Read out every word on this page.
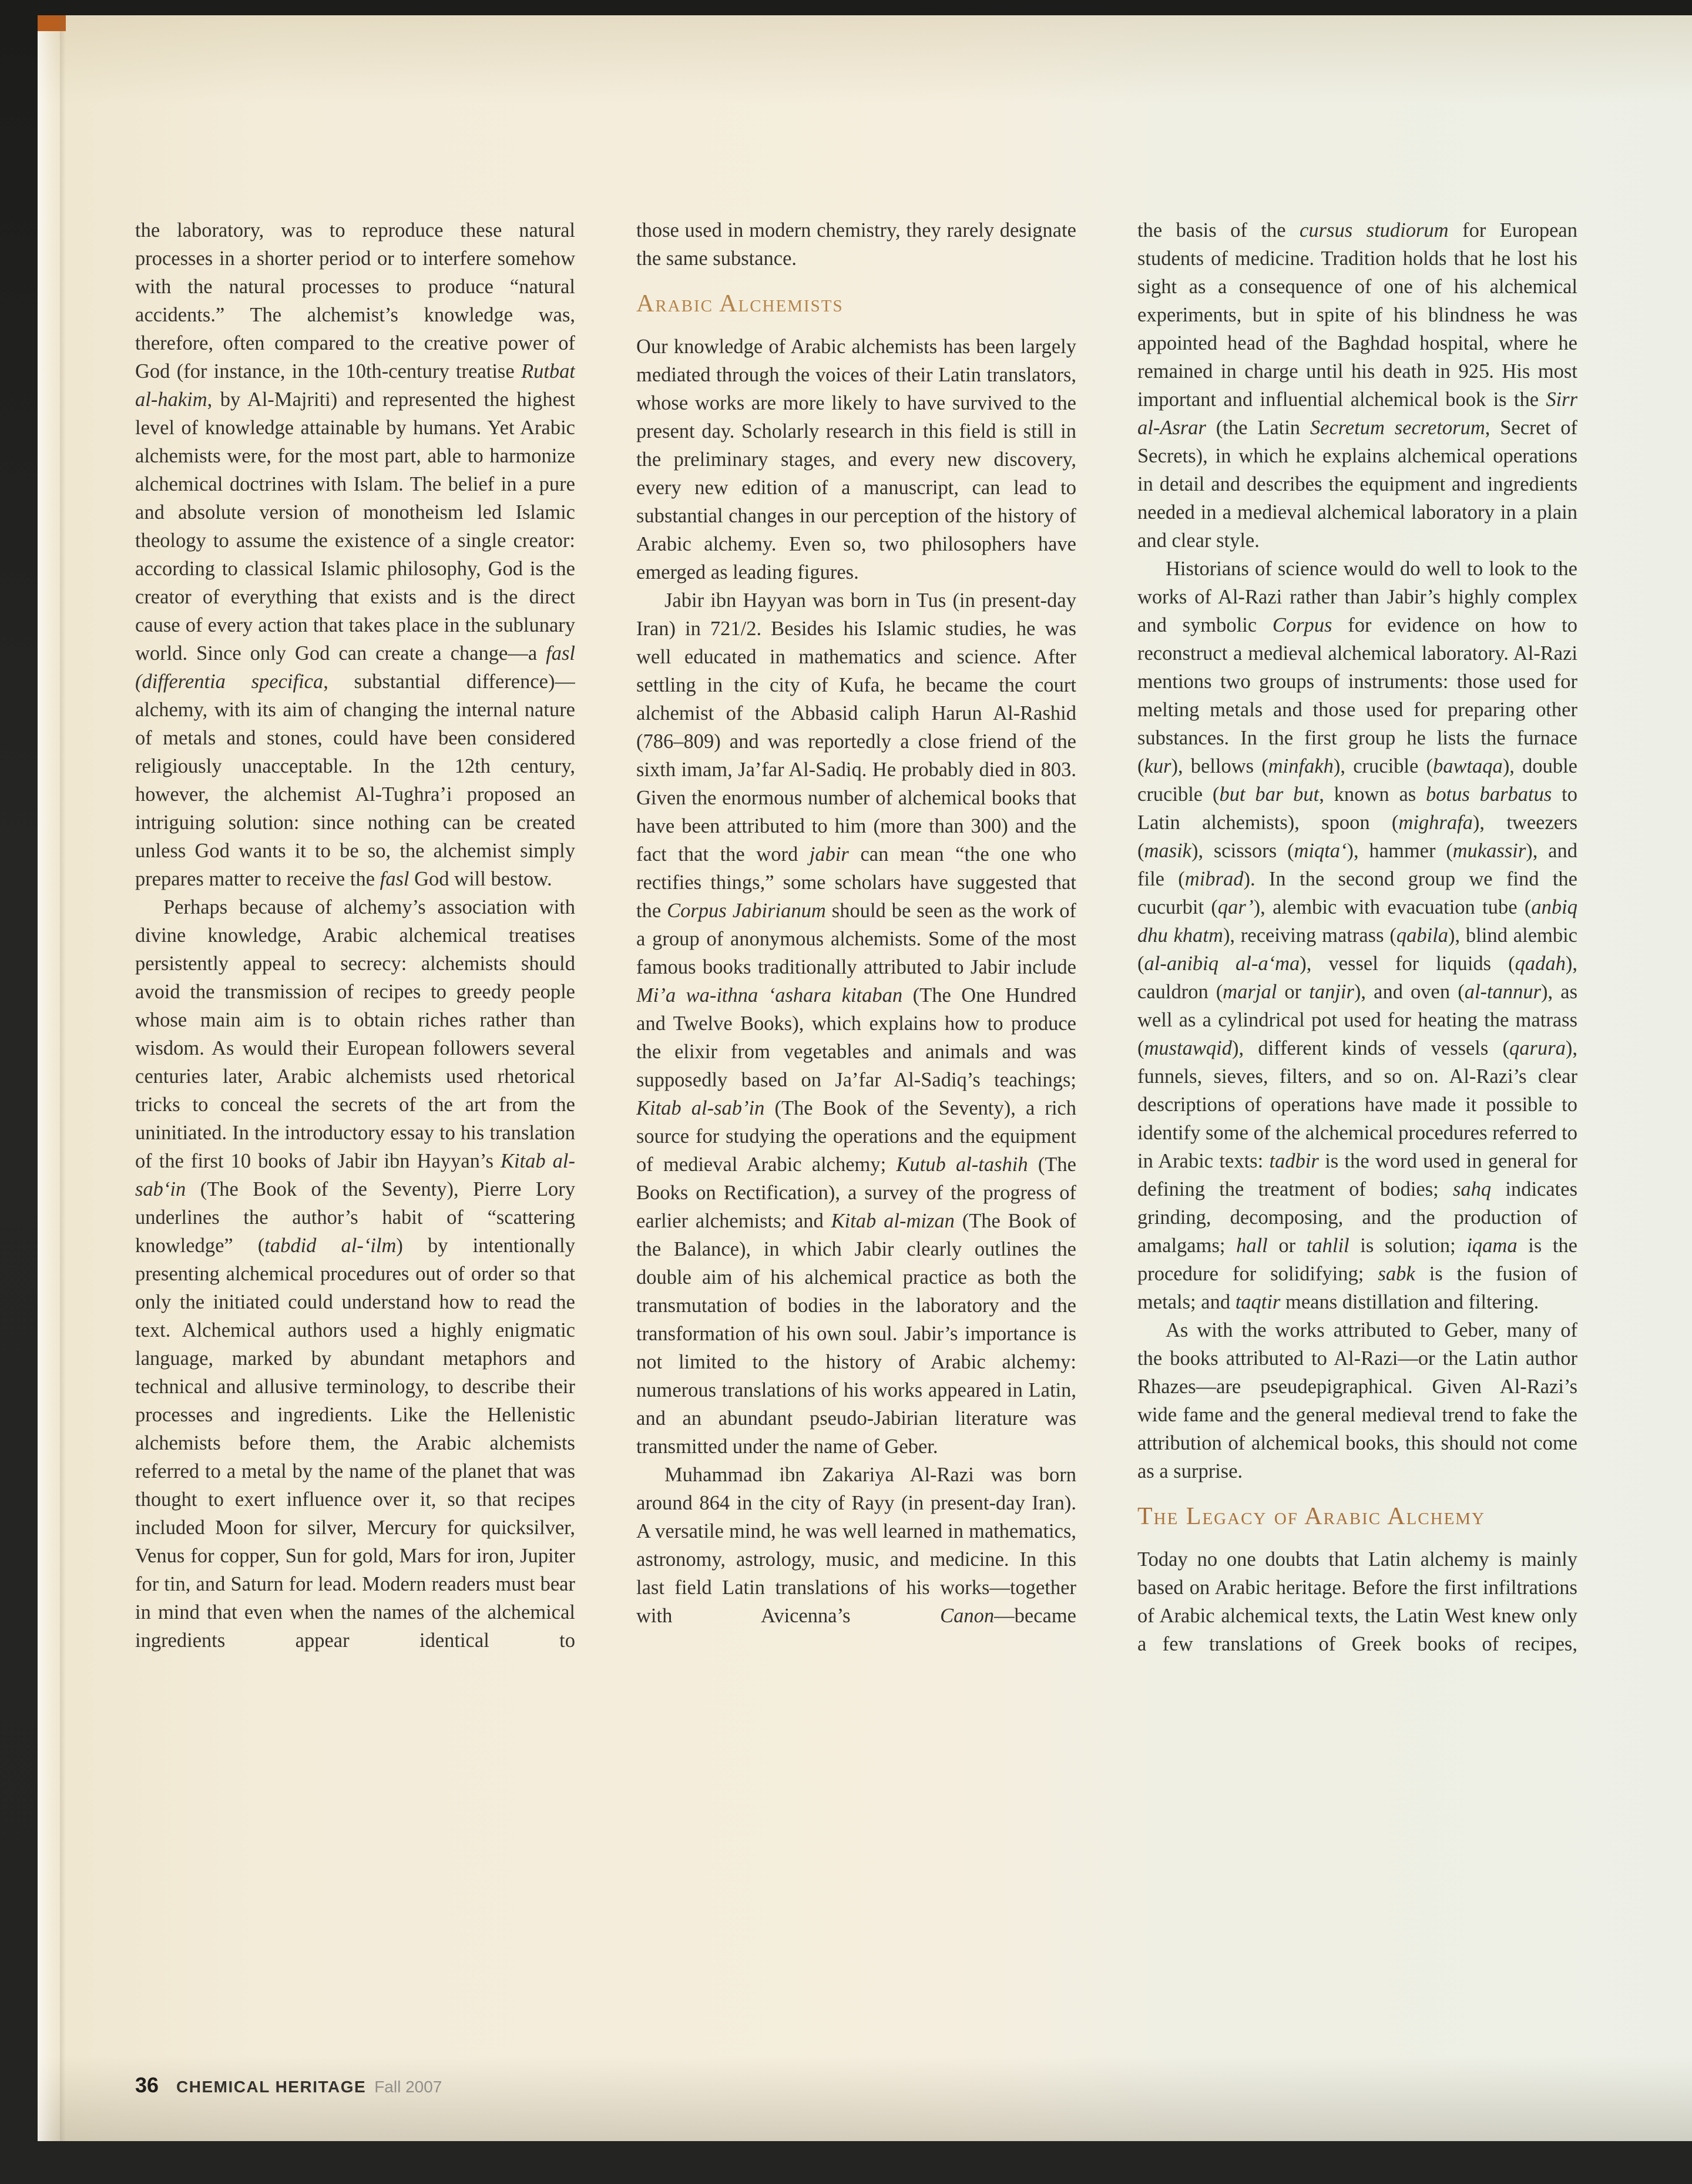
the laboratory, was to reproduce these natural processes in a shorter period or to interfere somehow with the natural processes to produce “natural accidents.” The alchemist’s knowledge was, therefore, often compared to the creative power of God (for instance, in the 10th-century treatise Rutbat al-hakim, by Al-Majriti) and represented the highest level of knowledge attainable by humans. Yet Arabic alchemists were, for the most part, able to harmonize alchemical doctrines with Islam. The belief in a pure and absolute version of monotheism led Islamic theology to assume the existence of a single creator: according to classical Islamic philosophy, God is the creator of everything that exists and is the direct cause of every action that takes place in the sublunary world. Since only God can create a change—a fasl (differentia specifica, substantial difference)—alchemy, with its aim of changing the internal nature of metals and stones, could have been considered religiously unacceptable. In the 12th century, however, the alchemist Al-Tughra’i proposed an intriguing solution: since nothing can be created unless God wants it to be so, the alchemist simply prepares matter to receive the fasl God will bestow.

Perhaps because of alchemy’s association with divine knowledge, Arabic alchemical treatises persistently appeal to secrecy: alchemists should avoid the transmission of recipes to greedy people whose main aim is to obtain riches rather than wisdom. As would their European followers several centuries later, Arabic alchemists used rhetorical tricks to conceal the secrets of the art from the uninitiated. In the introductory essay to his translation of the first 10 books of Jabir ibn Hayyan’s Kitab al-sab‘in (The Book of the Seventy), Pierre Lory underlines the author’s habit of “scattering knowledge” (tabdid al-‘ilm) by intentionally presenting alchemical procedures out of order so that only the initiated could understand how to read the text. Alchemical authors used a highly enigmatic language, marked by abundant metaphors and technical and allusive terminology, to describe their processes and ingredients. Like the Hellenistic alchemists before them, the Arabic alchemists referred to a metal by the name of the planet that was thought to exert influence over it, so that recipes included Moon for silver, Mercury for quicksilver, Venus for copper, Sun for gold, Mars for iron, Jupiter for tin, and Saturn for lead. Modern readers must bear in mind that even when the names of the alchemical ingredients appear identical to

those used in modern chemistry, they rarely designate the same substance.

Arabic Alchemists

Our knowledge of Arabic alchemists has been largely mediated through the voices of their Latin translators, whose works are more likely to have survived to the present day. Scholarly research in this field is still in the preliminary stages, and every new discovery, every new edition of a manuscript, can lead to substantial changes in our perception of the history of Arabic alchemy. Even so, two philosophers have emerged as leading figures.

Jabir ibn Hayyan was born in Tus (in present-day Iran) in 721/2. Besides his Islamic studies, he was well educated in mathematics and science. After settling in the city of Kufa, he became the court alchemist of the Abbasid caliph Harun Al-Rashid (786–809) and was reportedly a close friend of the sixth imam, Ja’far Al-Sadiq. He probably died in 803. Given the enormous number of alchemical books that have been attributed to him (more than 300) and the fact that the word jabir can mean “the one who rectifies things,” some scholars have suggested that the Corpus Jabirianum should be seen as the work of a group of anonymous alchemists. Some of the most famous books traditionally attributed to Jabir include Mi’a wa-ithna ‘ashara kitaban (The One Hundred and Twelve Books), which explains how to produce the elixir from vegetables and animals and was supposedly based on Ja’far Al-Sadiq’s teachings; Kitab al-sab’in (The Book of the Seventy), a rich source for studying the operations and the equipment of medieval Arabic alchemy; Kutub al-tashih (The Books on Rectification), a survey of the progress of earlier alchemists; and Kitab al-mizan (The Book of the Balance), in which Jabir clearly outlines the double aim of his alchemical practice as both the transmutation of bodies in the laboratory and the transformation of his own soul. Jabir’s importance is not limited to the history of Arabic alchemy: numerous translations of his works appeared in Latin, and an abundant pseudo-Jabirian literature was transmitted under the name of Geber.

Muhammad ibn Zakariya Al-Razi was born around 864 in the city of Rayy (in present-day Iran). A versatile mind, he was well learned in mathematics, astronomy, astrology, music, and medicine. In this last field Latin translations of his works—together with Avicenna’s Canon—became

the basis of the cursus studiorum for European students of medicine. Tradition holds that he lost his sight as a consequence of one of his alchemical experiments, but in spite of his blindness he was appointed head of the Baghdad hospital, where he remained in charge until his death in 925. His most important and influential alchemical book is the Sirr al-Asrar (the Latin Secretum secretorum, Secret of Secrets), in which he explains alchemical operations in detail and describes the equipment and ingredients needed in a medieval alchemical laboratory in a plain and clear style.

Historians of science would do well to look to the works of Al-Razi rather than Jabir’s highly complex and symbolic Corpus for evidence on how to reconstruct a medieval alchemical laboratory. Al-Razi mentions two groups of instruments: those used for melting metals and those used for preparing other substances. In the first group he lists the furnace (kur), bellows (minfakh), crucible (bawtaqa), double crucible (but bar but, known as botus barbatus to Latin alchemists), spoon (mighrafa), tweezers (masik), scissors (miqta‘), hammer (mukassir), and file (mibrad). In the second group we find the cucurbit (qar’), alembic with evacuation tube (anbiq dhu khatm), receiving matrass (qabila), blind alembic (al-anibiq al-a‘ma), vessel for liquids (qadah), cauldron (marjal or tanjir), and oven (al-tannur), as well as a cylindrical pot used for heating the matrass (mustawqid), different kinds of vessels (qarura), funnels, sieves, filters, and so on. Al-Razi’s clear descriptions of operations have made it possible to identify some of the alchemical procedures referred to in Arabic texts: tadbir is the word used in general for defining the treatment of bodies; sahq indicates grinding, decomposing, and the production of amalgams; hall or tahlil is solution; iqama is the procedure for solidifying; sabk is the fusion of metals; and taqtir means distillation and filtering.

As with the works attributed to Geber, many of the books attributed to Al-Razi—or the Latin author Rhazes—are pseudepigraphical. Given Al-Razi’s wide fame and the general medieval trend to fake the attribution of alchemical books, this should not come as a surprise.

The Legacy of Arabic Alchemy

Today no one doubts that Latin alchemy is mainly based on Arabic heritage. Before the first infiltrations of Arabic alchemical texts, the Latin West knew only a few translations of Greek books of recipes,

36 CHEMICAL HERITAGE Fall 2007
